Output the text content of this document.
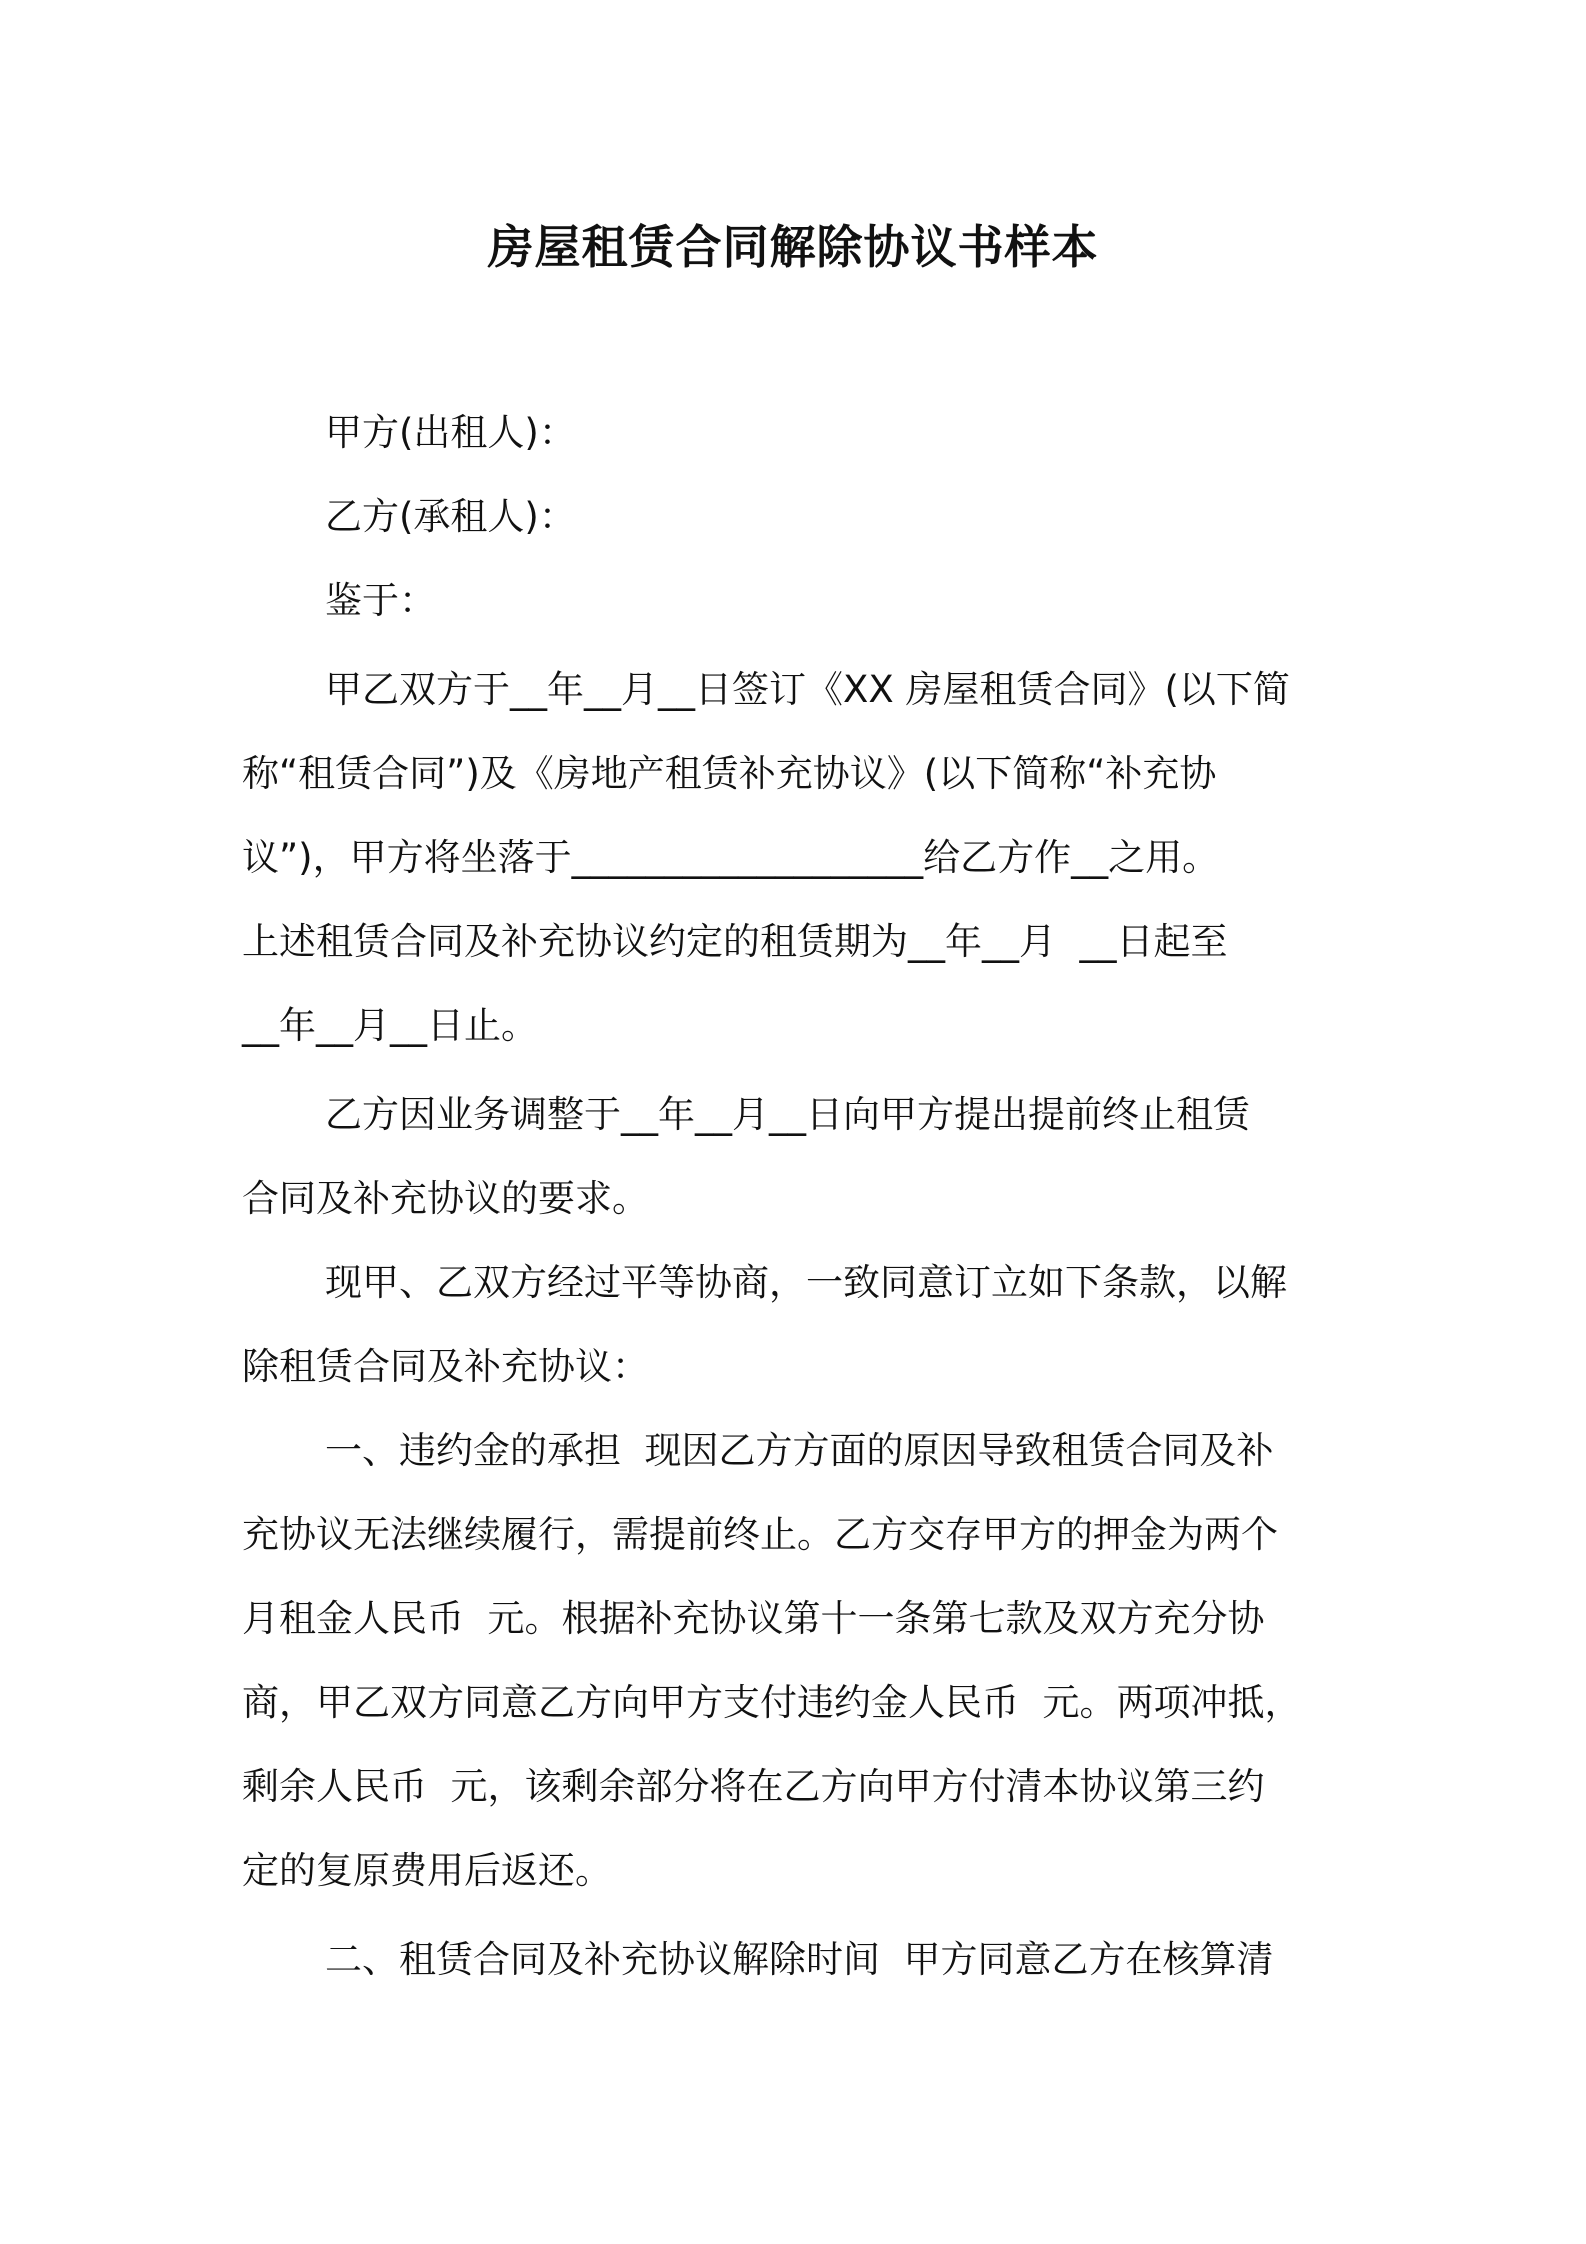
房屋租赁合同解除协议书样本

甲方(出租人)：

乙方(承租人)：

鉴于：

甲乙双方于__年__月__日签订《XX 房屋租赁合同》(以下简

称“租赁合同”)及《房地产租赁补充协议》(以下简称“补充协

议”)，甲方将坐落于___________________给乙方作__之用。

上述租赁合同及补充协议约定的租赁期为__年__月  __日起至

__年__月__日止。

乙方因业务调整于__年__月__日向甲方提出提前终止租赁

合同及补充协议的要求。

现甲、乙双方经过平等协商，一致同意订立如下条款，以解

除租赁合同及补充协议：

一、违约金的承担  现因乙方方面的原因导致租赁合同及补

充协议无法继续履行，需提前终止。乙方交存甲方的押金为两个

月租金人民币  元。根据补充协议第十一条第七款及双方充分协

商，甲乙双方同意乙方向甲方支付违约金人民币  元。两项冲抵，

剩余人民币  元，该剩余部分将在乙方向甲方付清本协议第三约

定的复原费用后返还。

二、租赁合同及补充协议解除时间  甲方同意乙方在核算清
